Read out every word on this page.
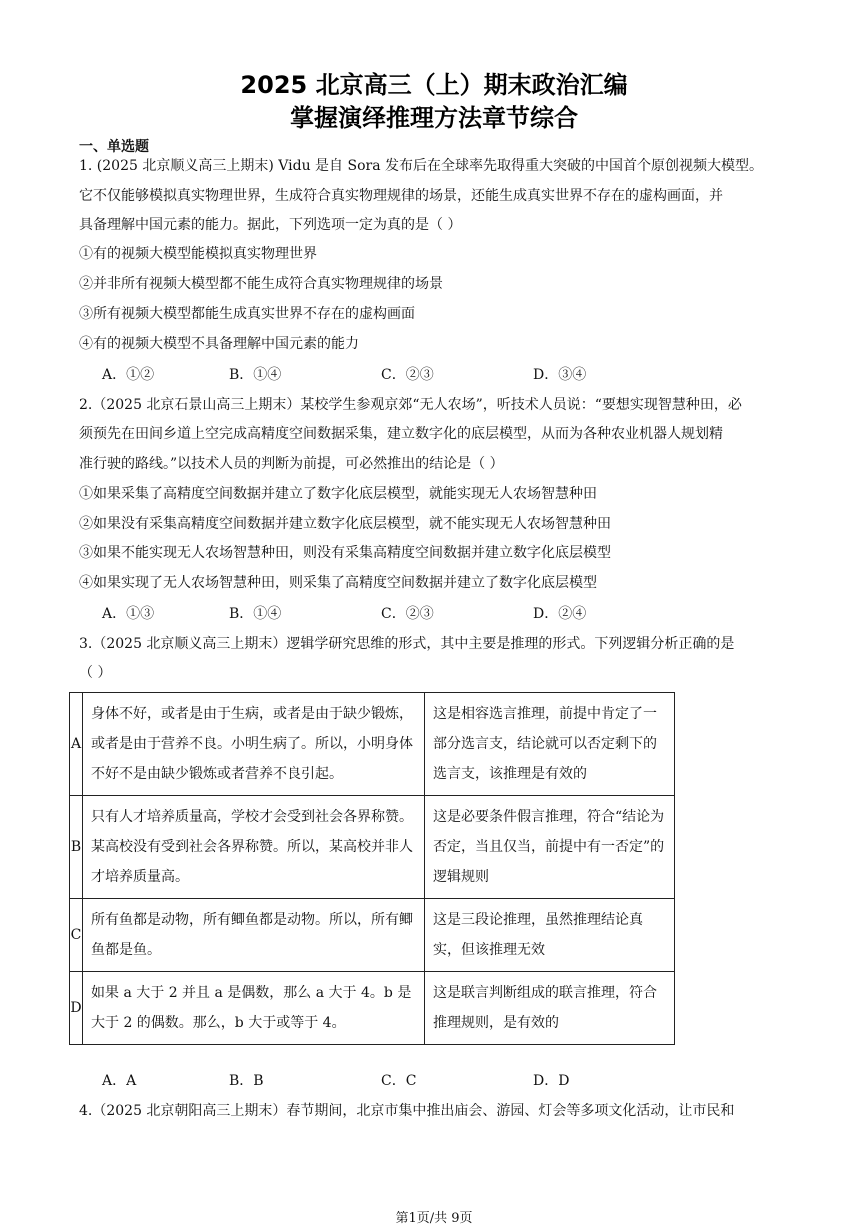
2025 北京高三（上）期末政治汇编
掌握演绎推理方法章节综合
一、单选题
1. (2025 北京顺义高三上期末) Vidu 是自 Sora 发布后在全球率先取得重大突破的中国首个原创视频大模型。
它不仅能够模拟真实物理世界，生成符合真实物理规律的场景，还能生成真实世界不存在的虚构画面，并
具备理解中国元素的能力。据此，下列选项一定为真的是（ ）
①有的视频大模型能模拟真实物理世界
②并非所有视频大模型都不能生成符合真实物理规律的场景
③所有视频大模型都能生成真实世界不存在的虚构画面
④有的视频大模型不具备理解中国元素的能力
A．①②	B．①④	C．②③	D．③④
2.（2025 北京石景山高三上期末）某校学生参观京郊“无人农场”，听技术人员说：“要想实现智慧种田，必
须预先在田间乡道上空完成高精度空间数据采集，建立数字化的底层模型，从而为各种农业机器人规划精
准行驶的路线。”以技术人员的判断为前提，可必然推出的结论是（ ）
①如果采集了高精度空间数据并建立了数字化底层模型，就能实现无人农场智慧种田
②如果没有采集高精度空间数据并建立数字化底层模型，就不能实现无人农场智慧种田
③如果不能实现无人农场智慧种田，则没有采集高精度空间数据并建立数字化底层模型
④如果实现了无人农场智慧种田，则采集了高精度空间数据并建立了数字化底层模型
A．①③	B．①④	C．②③	D．②④
3.（2025 北京顺义高三上期末）逻辑学研究思维的形式，其中主要是推理的形式。下列逻辑分析正确的是
（ ）
A	身体不好，或者是由于生病，或者是由于缺少锻炼，或者是由于营养不良。小明生病了。所以，小明身体不好不是由缺少锻炼或者营养不良引起。	这是相容选言推理，前提中肯定了一部分选言支，结论就可以否定剩下的选言支，该推理是有效的
B	只有人才培养质量高，学校才会受到社会各界称赞。某高校没有受到社会各界称赞。所以，某高校并非人才培养质量高。	这是必要条件假言推理，符合“结论为否定，当且仅当，前提中有一否定”的逻辑规则
C	所有鱼都是动物，所有鲫鱼都是动物。所以，所有鲫鱼都是鱼。	这是三段论推理，虽然推理结论真实，但该推理无效
D	如果 a 大于 2 并且 a 是偶数，那么 a 大于 4。b 是大于 2 的偶数。那么，b 大于或等于 4。	这是联言判断组成的联言推理，符合推理规则，是有效的
A．A	B．B	C．C	D．D
4.（2025 北京朝阳高三上期末）春节期间，北京市集中推出庙会、游园、灯会等多项文化活动，让市民和
第1页/共 9页
